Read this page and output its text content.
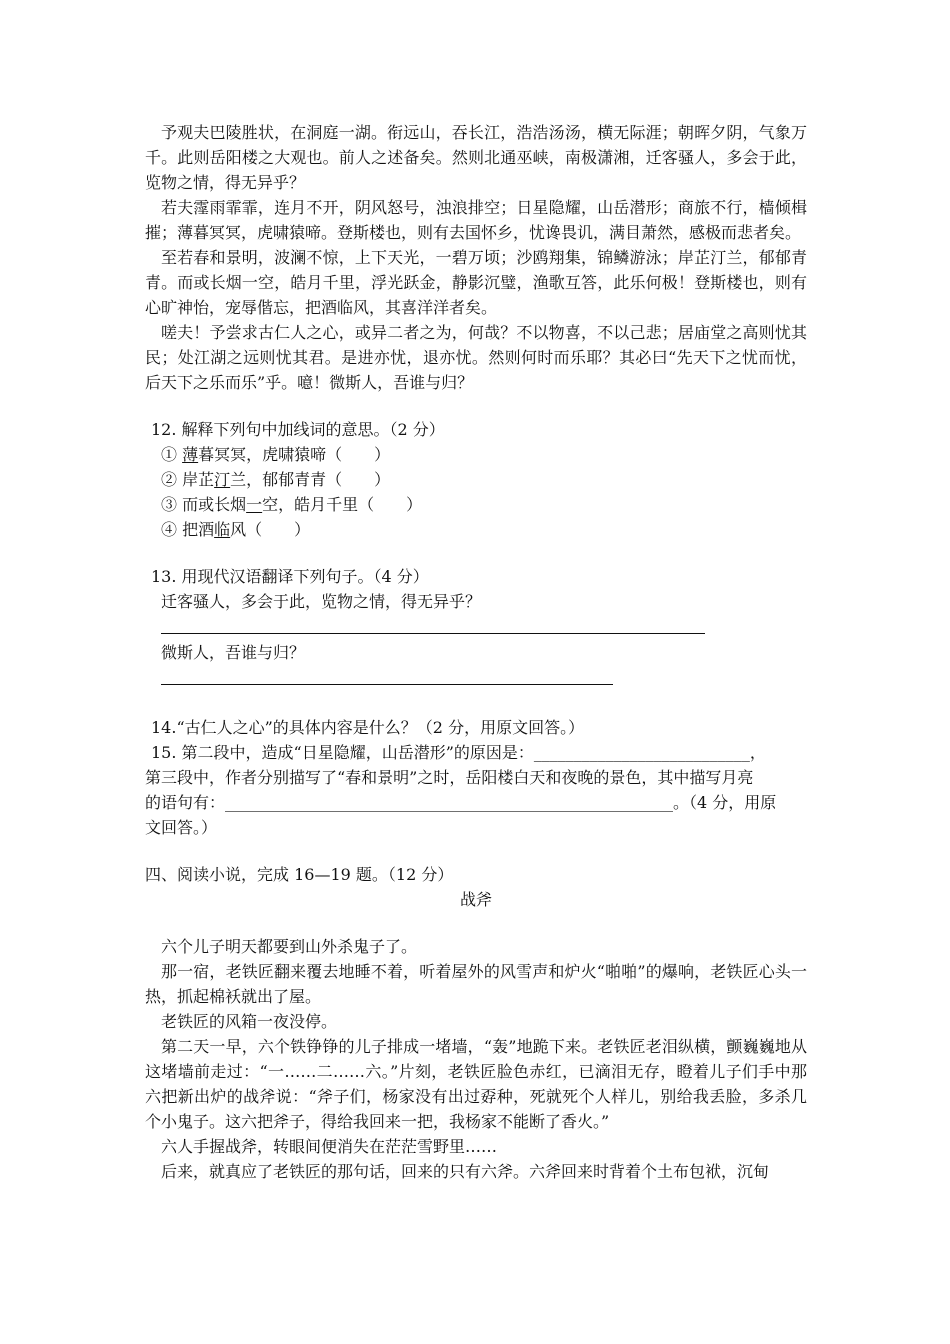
予观夫巴陵胜状，在洞庭一湖。衔远山，吞长江，浩浩汤汤，横无际涯；朝晖夕阴，气象万千。此则岳阳楼之大观也。前人之述备矣。然则北通巫峡，南极潇湘，迁客骚人，多会于此，览物之情，得无异乎？

若夫霪雨霏霏，连月不开，阴风怒号，浊浪排空；日星隐耀，山岳潜形；商旅不行，樯倾楫摧；薄暮冥冥，虎啸猿啼。登斯楼也，则有去国怀乡，忧谗畏讥，满目萧然，感极而悲者矣。

至若春和景明，波澜不惊，上下天光，一碧万顷；沙鸥翔集，锦鳞游泳；岸芷汀兰，郁郁青青。而或长烟一空，皓月千里，浮光跃金，静影沉璧，渔歌互答，此乐何极！登斯楼也，则有心旷神怡，宠辱偕忘，把酒临风，其喜洋洋者矣。

嗟夫！予尝求古仁人之心，或异二者之为，何哉？不以物喜，不以己悲；居庙堂之高则忧其民；处江湖之远则忧其君。是进亦忧，退亦忧。然则何时而乐耶？其必曰“先天下之忧而忧，后天下之乐而乐”乎。噫！微斯人，吾谁与归？

12. 解释下列句中加线词的意思。（2 分）

① 薄暮冥冥，虎啸猿啼（　　）

② 岸芷汀兰，郁郁青青（　　）

③ 而或长烟一空，皓月千里（　　）

④ 把酒临风（　　）

13. 用现代汉语翻译下列句子。（4 分）

迁客骚人，多会于此，览物之情，得无异乎？

微斯人，吾谁与归？

14.“古仁人之心”的具体内容是什么？（2 分，用原文回答。）

15. 第二段中，造成“日星隐耀，山岳潜形”的原因是：___________________________，

第三段中，作者分别描写了“春和景明”之时，岳阳楼白天和夜晚的景色，其中描写月亮

的语句有：________________________________________________________。（4 分，用原

文回答。）

四、阅读小说，完成 16—19 题。（12 分）

战斧

六个儿子明天都要到山外杀鬼子了。

那一宿，老铁匠翻来覆去地睡不着，听着屋外的风雪声和炉火“啪啪”的爆响，老铁匠心头一热，抓起棉袄就出了屋。

老铁匠的风箱一夜没停。

第二天一早，六个铁铮铮的儿子排成一堵墙，“轰”地跪下来。老铁匠老泪纵横，颤巍巍地从这堵墙前走过：“一……二……六。”片刻，老铁匠脸色赤红，已滴泪无存，瞪着儿子们手中那六把新出炉的战斧说：“斧子们，杨家没有出过孬种，死就死个人样儿，别给我丢脸，多杀几个小鬼子。这六把斧子，得给我回来一把，我杨家不能断了香火。”

六人手握战斧，转眼间便消失在茫茫雪野里……

后来，就真应了老铁匠的那句话，回来的只有六斧。六斧回来时背着个土布包袱，沉甸
